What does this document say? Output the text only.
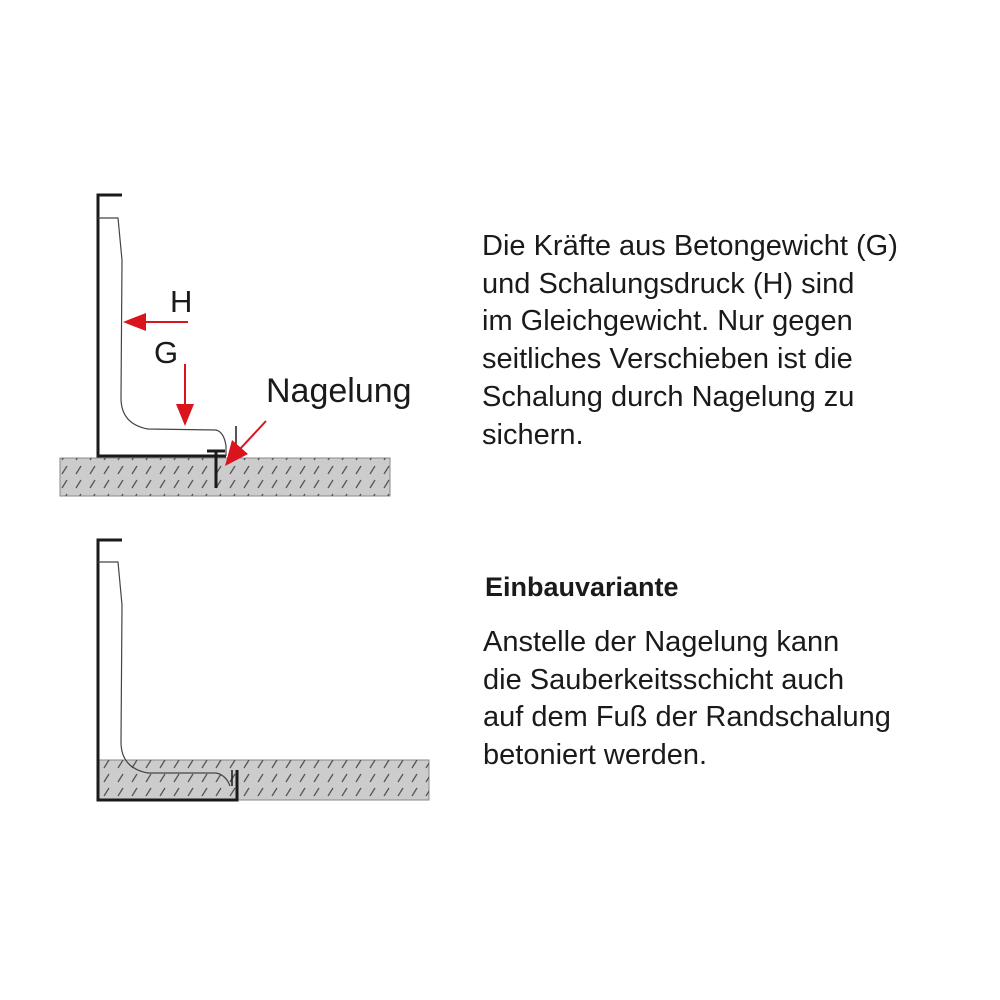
H
G
Nagelung
Die Kräfte aus Betongewicht (G)
und Schalungsdruck (H) sind
im Gleichgewicht. Nur gegen
seitliches Verschieben ist die
Schalung durch Nagelung zu
sichern.
Einbauvariante
Anstelle der Nagelung kann
die Sauberkeitsschicht auch
auf dem Fuß der Randschalung
betoniert werden.
